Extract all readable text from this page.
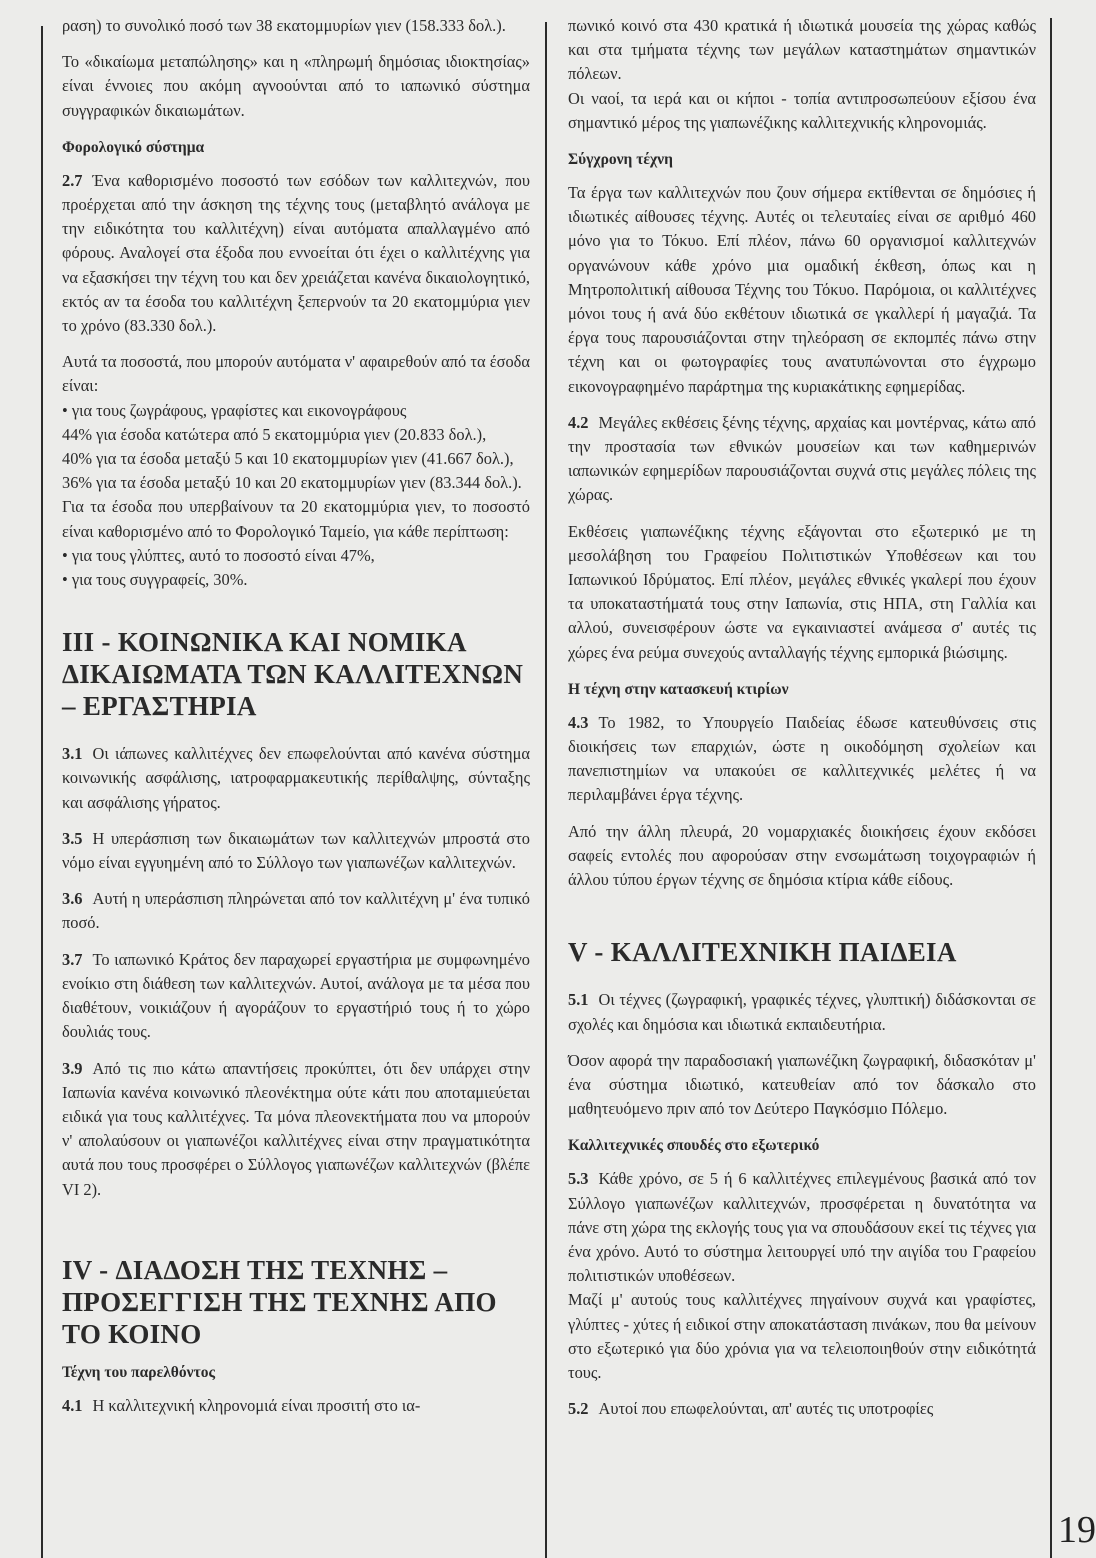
ραση) το συνολικό ποσό των 38 εκατομμυρίων γιεν (158.333 δολ.).

Το «δικαίωμα μεταπώλησης» και η «πληρωμή δημόσιας ιδιοκτησίας» είναι έννοιες που ακόμη αγνοούνται από το ιαπωνικό σύστημα συγγραφικών δικαιωμάτων.

Φορολογικό σύστημα

2.7 Ένα καθορισμένο ποσοστό των εσόδων των καλλιτεχνών, που προέρχεται από την άσκηση της τέχνης τους (μεταβλητό ανάλογα με την ειδικότητα του καλλιτέχνη) είναι αυτόματα απαλλαγμένο από φόρους. Αναλογεί στα έξοδα που εννοείται ότι έχει ο καλλιτέχνης για να εξασκήσει την τέχνη του και δεν χρειάζεται κανένα δικαιολογητικό, εκτός αν τα έσοδα του καλλιτέχνη ξεπερνούν τα 20 εκατομμύρια γιεν το χρόνο (83.330 δολ.).

Αυτά τα ποσοστά, που μπορούν αυτόματα ν' αφαιρεθούν από τα έσοδα είναι:

• για τους ζωγράφους, γραφίστες και εικονογράφους

44% για έσοδα κατώτερα από 5 εκατομμύρια γιεν (20.833 δολ.),

40% για τα έσοδα μεταξύ 5 και 10 εκατομμυρίων γιεν (41.667 δολ.),

36% για τα έσοδα μεταξύ 10 και 20 εκατομμυρίων γιεν (83.344 δολ.).

Για τα έσοδα που υπερβαίνουν τα 20 εκατομμύρια γιεν, το ποσοστό είναι καθορισμένο από το Φορολογικό Ταμείο, για κάθε περίπτωση:

• για τους γλύπτες, αυτό το ποσοστό είναι 47%,

• για τους συγγραφείς, 30%.

III - ΚΟΙΝΩΝΙΚΑ ΚΑΙ ΝΟΜΙΚΑ ΔΙΚΑΙΩΜΑΤΑ ΤΩΝ ΚΑΛΛΙΤΕΧΝΩΝ – ΕΡΓΑΣΤΗΡΙΑ

3.1 Οι ιάπωνες καλλιτέχνες δεν επωφελούνται από κανένα σύστημα κοινωνικής ασφάλισης, ιατροφαρμακευτικής περίθαλψης, σύνταξης και ασφάλισης γήρατος.

3.5 Η υπεράσπιση των δικαιωμάτων των καλλιτεχνών μπροστά στο νόμο είναι εγγυημένη από το Σύλλογο των γιαπωνέζων καλλιτεχνών.

3.6 Αυτή η υπεράσπιση πληρώνεται από τον καλλιτέχνη μ' ένα τυπικό ποσό.

3.7 Το ιαπωνικό Κράτος δεν παραχωρεί εργαστήρια με συμφωνημένο ενοίκιο στη διάθεση των καλλιτεχνών. Αυτοί, ανάλογα με τα μέσα που διαθέτουν, νοικιάζουν ή αγοράζουν το εργαστήριό τους ή το χώρο δουλιάς τους.

3.9 Από τις πιο κάτω απαντήσεις προκύπτει, ότι δεν υπάρχει στην Ιαπωνία κανένα κοινωνικό πλεονέκτημα ούτε κάτι που αποταμιεύεται ειδικά για τους καλλιτέχνες. Τα μόνα πλεονεκτήματα που να μπορούν ν' απολαύσουν οι γιαπωνέζοι καλλιτέχνες είναι στην πραγματικότητα αυτά που τους προσφέρει ο Σύλλογος γιαπωνέζων καλλιτεχνών (βλέπε VI 2).

IV - ΔΙΑΔΟΣΗ ΤΗΣ ΤΕΧΝΗΣ – ΠΡΟΣΕΓΓΙΣΗ ΤΗΣ ΤΕΧΝΗΣ ΑΠΟ ΤΟ ΚΟΙΝΟ
Τέχνη του παρελθόντος

4.1 Η καλλιτεχνική κληρονομιά είναι προσιτή στο ια-

πωνικό κοινό στα 430 κρατικά ή ιδιωτικά μουσεία της χώρας καθώς και στα τμήματα τέχνης των μεγάλων καταστημάτων σημαντικών πόλεων.

Οι ναοί, τα ιερά και οι κήποι - τοπία αντιπροσωπεύουν εξίσου ένα σημαντικό μέρος της γιαπωνέζικης καλλιτεχνικής κληρονομιάς.

Σύγχρονη τέχνη

Τα έργα των καλλιτεχνών που ζουν σήμερα εκτίθενται σε δημόσιες ή ιδιωτικές αίθουσες τέχνης. Αυτές οι τελευταίες είναι σε αριθμό 460 μόνο για το Τόκυο. Επί πλέον, πάνω 60 οργανισμοί καλλιτεχνών οργανώνουν κάθε χρόνο μια ομαδική έκθεση, όπως και η Μητροπολιτική αίθουσα Τέχνης του Τόκυο. Παρόμοια, οι καλλιτέχνες μόνοι τους ή ανά δύο εκθέτουν ιδιωτικά σε γκαλλερί ή μαγαζιά. Τα έργα τους παρουσιάζονται στην τηλεόραση σε εκπομπές πάνω στην τέχνη και οι φωτογραφίες τους ανατυπώνονται στο έγχρωμο εικονογραφημένο παράρτημα της κυριακάτικης εφημερίδας.

4.2 Μεγάλες εκθέσεις ξένης τέχνης, αρχαίας και μοντέρνας, κάτω από την προστασία των εθνικών μουσείων και των καθημερινών ιαπωνικών εφημερίδων παρουσιάζονται συχνά στις μεγάλες πόλεις της χώρας.

Εκθέσεις γιαπωνέζικης τέχνης εξάγονται στο εξωτερικό με τη μεσολάβηση του Γραφείου Πολιτιστικών Υποθέσεων και του Ιαπωνικού Ιδρύματος. Επί πλέον, μεγάλες εθνικές γκαλερί που έχουν τα υποκαταστήματά τους στην Ιαπωνία, στις ΗΠΑ, στη Γαλλία και αλλού, συνεισφέρουν ώστε να εγκαινιαστεί ανάμεσα σ' αυτές τις χώρες ένα ρεύμα συνεχούς ανταλλαγής τέχνης εμπορικά βιώσιμης.

Η τέχνη στην κατασκευή κτιρίων

4.3 Το 1982, το Υπουργείο Παιδείας έδωσε κατευθύνσεις στις διοικήσεις των επαρχιών, ώστε η οικοδόμηση σχολείων και πανεπιστημίων να υπακούει σε καλλιτεχνικές μελέτες ή να περιλαμβάνει έργα τέχνης.

Από την άλλη πλευρά, 20 νομαρχιακές διοικήσεις έχουν εκδόσει σαφείς εντολές που αφορούσαν στην ενσωμάτωση τοιχογραφιών ή άλλου τύπου έργων τέχνης σε δημόσια κτίρια κάθε είδους.

V - ΚΑΛΛΙΤΕΧΝΙΚΗ ΠΑΙΔΕΙΑ

5.1 Οι τέχνες (ζωγραφική, γραφικές τέχνες, γλυπτική) διδάσκονται σε σχολές και δημόσια και ιδιωτικά εκπαιδευτήρια.

Όσον αφορά την παραδοσιακή γιαπωνέζικη ζωγραφική, διδασκόταν μ' ένα σύστημα ιδιωτικό, κατευθείαν από τον δάσκαλο στο μαθητευόμενο πριν από τον Δεύτερο Παγκόσμιο Πόλεμο.

Καλλιτεχνικές σπουδές στο εξωτερικό

5.3 Κάθε χρόνο, σε 5 ή 6 καλλιτέχνες επιλεγμένους βασικά από τον Σύλλογο γιαπωνέζων καλλιτεχνών, προσφέρεται η δυνατότητα να πάνε στη χώρα της εκλογής τους για να σπουδάσουν εκεί τις τέχνες για ένα χρόνο. Αυτό το σύστημα λειτουργεί υπό την αιγίδα του Γραφείου πολιτιστικών υποθέσεων.

Μαζί μ' αυτούς τους καλλιτέχνες πηγαίνουν συχνά και γραφίστες, γλύπτες - χύτες ή ειδικοί στην αποκατάσταση πινάκων, που θα μείνουν στο εξωτερικό για δύο χρόνια για να τελειοποιηθούν στην ειδικότητά τους.

5.2 Αυτοί που επωφελούνται, απ' αυτές τις υποτροφίες

19
